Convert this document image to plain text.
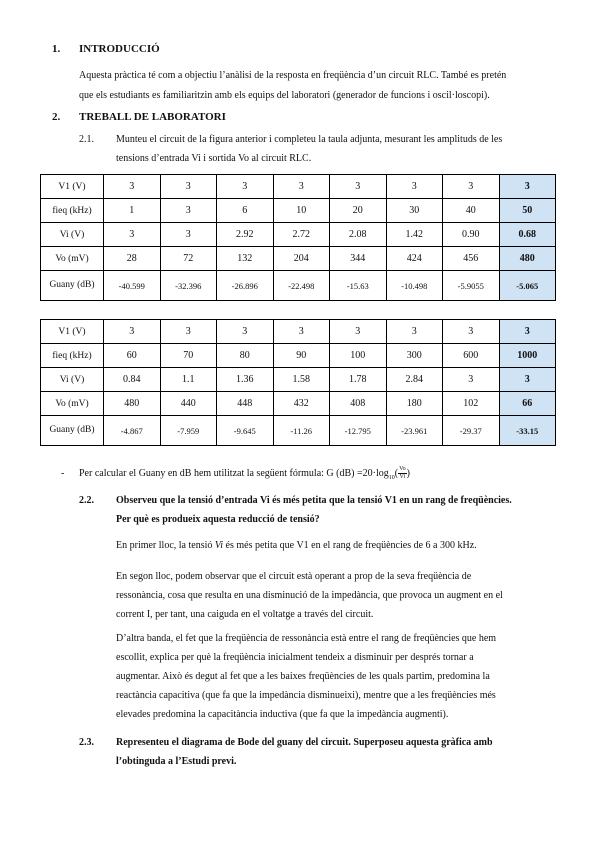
1. INTRODUCCIÓ
Aquesta pràctica té com a objectiu l’anàlisi de la resposta en freqüència d’un circuit RLC. També es pretén
que els estudiants es familiaritzin amb els equips del laboratori (generador de funcions i oscil·loscopi).
2. TREBALL DE LABORATORI
2.1. Munteu el circuit de la figura anterior i completeu la taula adjunta, mesurant les amplituds de les
tensions d’entrada Vi i sortida Vo al circuit RLC.
V1 (V)	3	3	3	3	3	3	3	3
fieq (kHz)	1	3	6	10	20	30	40	50
Vi (V)	3	3	2.92	2.72	2.08	1.42	0.90	0.68
Vo (mV)	28	72	132	204	344	424	456	480
Guany (dB)	-40.599	-32.396	-26.896	-22.498	-15.63	-10.498	-5.9055	-5.065
V1 (V)	3	3	3	3	3	3	3	3
fieq (kHz)	60	70	80	90	100	300	600	1000
Vi (V)	0.84	1.1	1.36	1.58	1.78	2.84	3	3
Vo (mV)	480	440	448	432	408	180	102	66
Guany (dB)	-4.867	-7.959	-9.645	-11.26	-12.795	-23.961	-29.37	-33.15
- Per calcular el Guany en dB hem utilitzat la següent fórmula: G $(dB) =20\cdot\log_{10}( \frac{Vo}{Vi}$ )
2.2. Observeu que la tensió d’entrada Vi és més petita que la tensió V1 en un rang de freqüències.
Per què es produeix aquesta reducció de tensió?
En primer lloc, la tensió Vi és més petita que V1 en el rang de freqüències de 6 a 300 kHz.
En segon lloc, podem observar que el circuit està operant a prop de la seva freqüència de
ressonància, cosa que resulta en una disminució de la impedància, que provoca un augment en el
corrent I, per tant, una caiguda en el voltatge a través del circuit.
D’altra banda, el fet que la freqüència de ressonància està entre el rang de freqüències que hem
escollit, explica per què la freqüència inicialment tendeix a disminuir per després tornar a
augmentar. Això és degut al fet que a les baixes freqüències de les quals partim, predomina la
reactància capacitiva (que fa que la impedància disminueixi), mentre que a les freqüències més
elevades predomina la capacitància inductiva (que fa que la impedància augmenti).
2.3. Representeu el diagrama de Bode del guany del circuit. Superposeu aquesta gràfica amb
l’obtinguda a l’Estudi previ.
